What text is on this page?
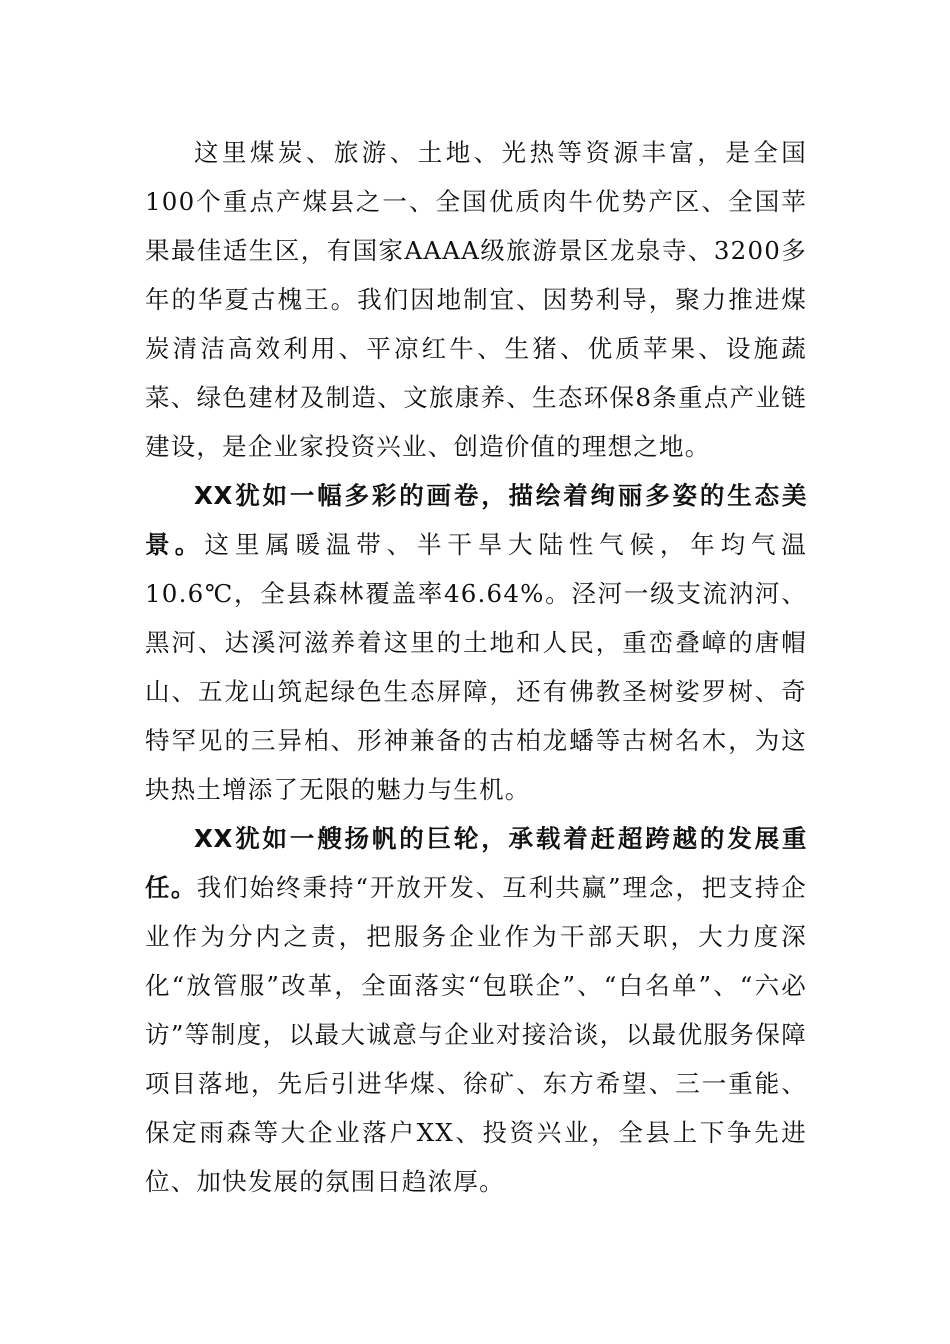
这里煤炭、旅游、土地、光热等资源丰富，是全国100个重点产煤县之一、全国优质肉牛优势产区、全国苹果最佳适生区，有国家AAAA级旅游景区龙泉寺、3200多年的华夏古槐王。我们因地制宜、因势利导，聚力推进煤炭清洁高效利用、平凉红牛、生猪、优质苹果、设施蔬菜、绿色建材及制造、文旅康养、生态环保8条重点产业链建设，是企业家投资兴业、创造价值的理想之地。

XX犹如一幅多彩的画卷，描绘着绚丽多姿的生态美景。这里属暖温带、半干旱大陆性气候，年均气温10.6℃，全县森林覆盖率46.64%。泾河一级支流汭河、黑河、达溪河滋养着这里的土地和人民，重峦叠嶂的唐帽山、五龙山筑起绿色生态屏障，还有佛教圣树娑罗树、奇特罕见的三异柏、形神兼备的古柏龙蟠等古树名木，为这块热土增添了无限的魅力与生机。

XX犹如一艘扬帆的巨轮，承载着赶超跨越的发展重任。我们始终秉持“开放开发、互利共赢”理念，把支持企业作为分内之责，把服务企业作为干部天职，大力度深化“放管服”改革，全面落实“包联企”、“白名单”、“六必访”等制度，以最大诚意与企业对接洽谈，以最优服务保障项目落地，先后引进华煤、徐矿、东方希望、三一重能、保定雨森等大企业落户XX、投资兴业，全县上下争先进位、加快发展的氛围日趋浓厚。
